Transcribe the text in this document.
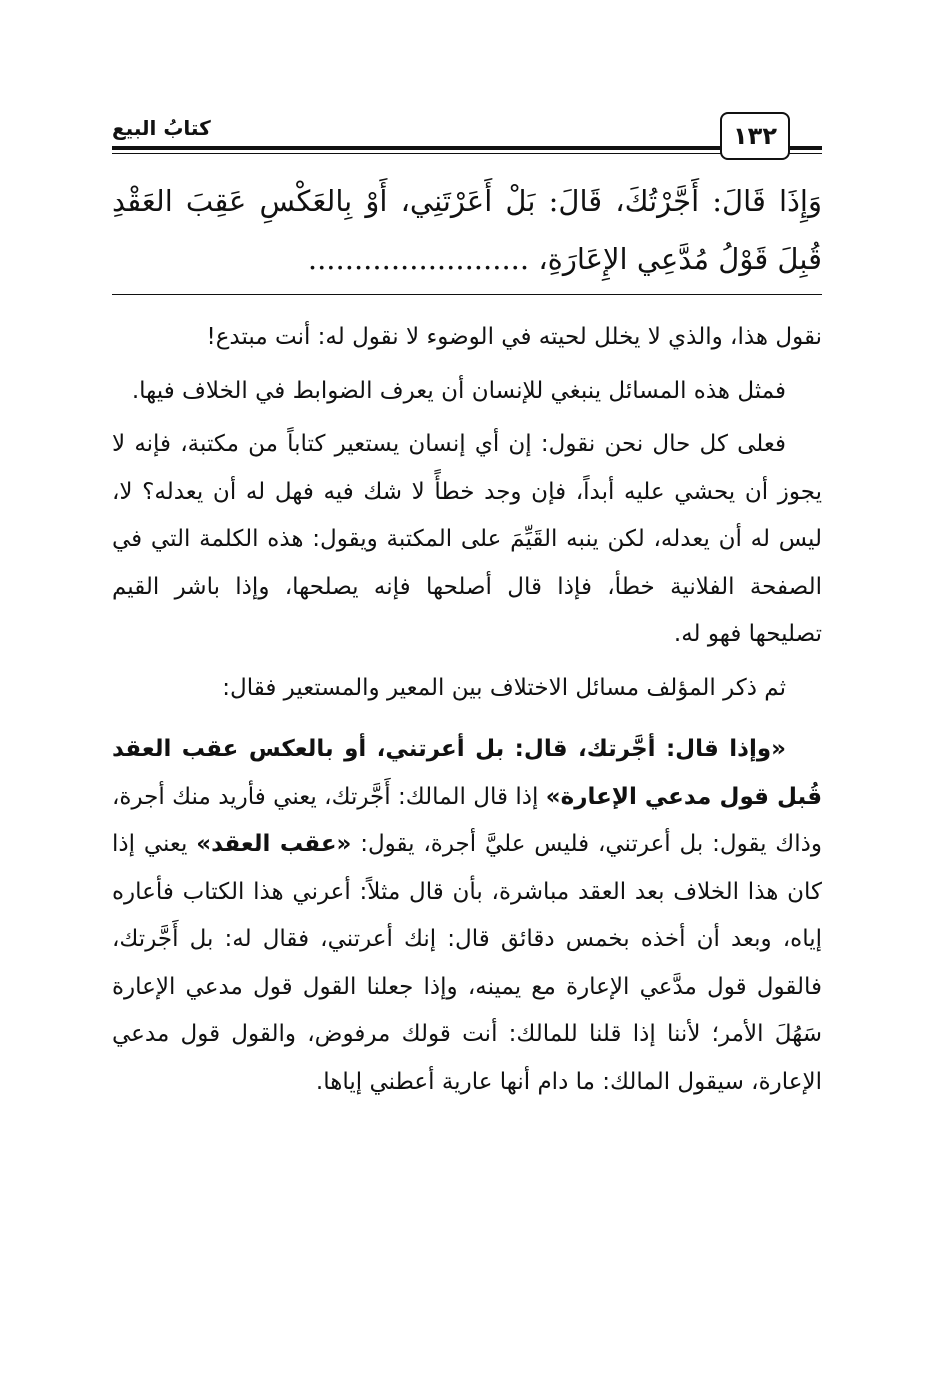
كتابُ البيع	١٣٢
وَإِذَا قَالَ: أَجَّرْتُكَ، قَالَ: بَلْ أَعَرْتَنِي، أَوْ بِالعَكْسِ عَقِبَ العَقْدِ قُبِلَ قَوْلُ مُدَّعِي الإِعَارَةِ، ........................

نقول هذا، والذي لا يخلل لحيته في الوضوء لا نقول له: أنت مبتدع!

فمثل هذه المسائل ينبغي للإنسان أن يعرف الضوابط في الخلاف فيها.

فعلى كل حال نحن نقول: إن أي إنسان يستعير كتاباً من مكتبة، فإنه لا يجوز أن يحشي عليه أبداً، فإن وجد خطأً لا شك فيه فهل له أن يعدله؟ لا، ليس له أن يعدله، لكن ينبه القَيِّمَ على المكتبة ويقول: هذه الكلمة التي في الصفحة الفلانية خطأ، فإذا قال أصلحها فإنه يصلحها، وإذا باشر القيم تصليحها فهو له.

ثم ذكر المؤلف مسائل الاختلاف بين المعير والمستعير فقال:

«وإذا قال: أجَّرتك، قال: بل أعرتني، أو بالعكس عقب العقد قُبل قول مدعي الإعارة» إذا قال المالك: أَجَّرتك، يعني فأريد منك أجرة، وذاك يقول: بل أعرتني، فليس عليَّ أجرة، يقول: «عقب العقد» يعني إذا كان هذا الخلاف بعد العقد مباشرة، بأن قال مثلاً: أعرني هذا الكتاب فأعاره إياه، وبعد أن أخذه بخمس دقائق قال: إنك أعرتني، فقال له: بل أَجَّرتك، فالقول قول مدَّعي الإعارة مع يمينه، وإذا جعلنا القول قول مدعي الإعارة سَهُلَ الأمر؛ لأننا إذا قلنا للمالك: أنت قولك مرفوض، والقول قول مدعي الإعارة، سيقول المالك: ما دام أنها عارية أعطني إياها.
